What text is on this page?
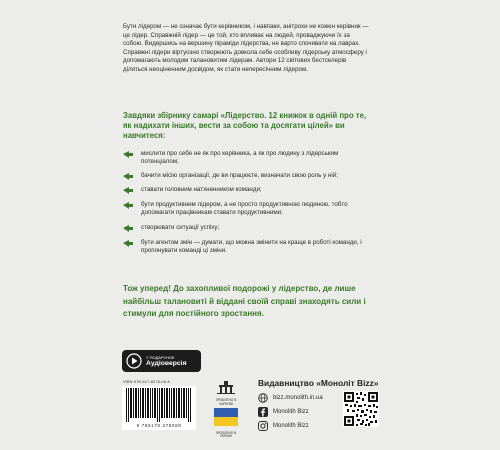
Бути лідером — не означає бути керівником, і навпаки, анітрохи не кожен керівник — це лідер. Справжній лідер — це той, хто впливає на людей, проваджуючи їх за собою. Видершись на вершину піраміди лідерства, не варто спочивати на лаврах. Справжні лідери віртуозно створюють довкола себе особливу лідерську атмосферу і допомагають молодим талановитим лідерам. Автори 12 світових бестселерів діляться неоціненним досвідом, як стати непересічним лідером.

Завдяки збірнику самарі «Лідерство. 12 книжок в одній про те, як надихати інших, вести за собою та досягати цілей» ви навчитеся:

мислити про себе не як про керівника, а як про людину з лідерським потенціалом;
бачити місію організації, де ви працюєте, визначати свою роль у ній;
ставати головним натхненником команди;
бути продуктивним лідером, а не просто продуктивною людиною, тобто допомагати працівникам ставати продуктивними;
створювати ситуації успіху;
бути агентом змін — думати, що можна змінити на краще в роботі команди, і пропонувати команді ці зміни.

Тож уперед! До захопливої подорожі у лідерство, де лише найбільш талановиті й віддані своїй справі знаходять сили і стимули для постійного зростання.

У ПОДАРУНОК
Аудіоверсія
ISBN 978-617-8278-06-9
9 786178 278069
ЗРОБЛЕНО В ХАРКОВІ
ЗРОБЛЕНО В УКРАЇНІ
Видавництво «Моноліт Bizz»
bizz.monolith.in.ua
Monolith Bizz
Monolith Bizz
